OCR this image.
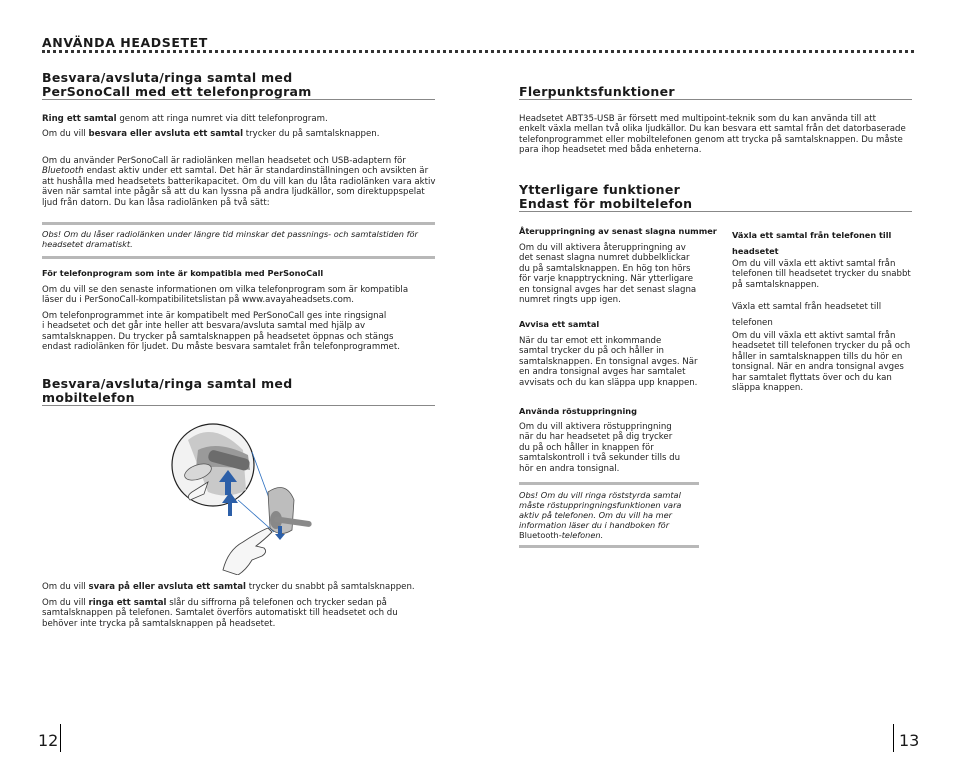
ANVÄNDA HEADSETET
Besvara/avsluta/ringa samtal med
PerSonoCall med ett telefonprogram

Ring ett samtal genom att ringa numret via ditt telefonprogram.

Om du vill besvara eller avsluta ett samtal trycker du på samtalsknappen.

Om du använder PerSonoCall är radiolänken mellan headsetet och USB-adaptern för

Bluetooth endast aktiv under ett samtal. Det här är standardinställningen och avsikten är

att hushålla med headsetets batterikapacitet. Om du vill kan du låta radiolänken vara aktiv

även när samtal inte pågår så att du kan lyssna på andra ljudkällor, som direktuppspelat

ljud från datorn. Du kan låsa radiolänken på två sätt:

Obs! Om du låser radiolänken under längre tid minskar det passnings- och samtalstiden för

headsetet dramatiskt.

För telefonprogram som inte är kompatibla med PerSonoCall

Om du vill se den senaste informationen om vilka telefonprogram som är kompatibla

läser du i PerSonoCall-kompatibilitetslistan på www.avayaheadsets.com.

Om telefonprogrammet inte är kompatibelt med PerSonoCall ges inte ringsignal

i headsetet och det går inte heller att besvara/avsluta samtal med hjälp av

samtalsknappen. Du trycker på samtalsknappen på headsetet öppnas och stängs

endast radiolänken för ljudet. Du måste besvara samtalet från telefonprogrammet.

Besvara/avsluta/ringa samtal med
mobiltelefon

Om du vill svara på eller avsluta ett samtal trycker du snabbt på samtalsknappen.

Om du vill ringa ett samtal slår du siffrorna på telefonen och trycker sedan på

samtalsknappen på telefonen. Samtalet överförs automatiskt till headsetet och du

behöver inte trycka på samtalsknappen på headsetet.

12
Flerpunktsfunktioner

Headsetet ABT35-USB är försett med multipoint-teknik som du kan använda till att

enkelt växla mellan två olika ljudkällor. Du kan besvara ett samtal från det datorbaserade

telefonprogrammet eller mobiltelefonen genom att trycka på samtalsknappen. Du måste

para ihop headsetet med båda enheterna.

Ytterligare funktioner
Endast för mobiltelefon

Återuppringning av senast slagna nummer

Om du vill aktivera återuppringning av

det senast slagna numret dubbelklickar

du på samtalsknappen. En hög ton hörs

för varje knapptryckning. När ytterligare

en tonsignal avges har det senast slagna

numret ringts upp igen.

Avvisa ett samtal

När du tar emot ett inkommande

samtal trycker du på och håller in

samtalsknappen. En tonsignal avges. När

en andra tonsignal avges har samtalet

avvisats och du kan släppa upp knappen.

Använda röstuppringning

Om du vill aktivera röstuppringning

när du har headsetet på dig trycker

du på och håller in knappen för

samtalskontroll i två sekunder tills du

hör en andra tonsignal.

Obs! Om du vill ringa röststyrda samtal

måste röstuppringningsfunktionen vara

aktiv på telefonen. Om du vill ha mer

information läser du i handboken för

Bluetooth-telefonen.

Växla ett samtal från telefonen till

headsetet

Om du vill växla ett aktivt samtal från

telefonen till headsetet trycker du snabbt

på samtalsknappen.

Växla ett samtal från headsetet till

telefonen

Om du vill växla ett aktivt samtal från

headsetet till telefonen trycker du på och

håller in samtalsknappen tills du hör en

tonsignal. När en andra tonsignal avges

har samtalet flyttats över och du kan

släppa knappen.

13
